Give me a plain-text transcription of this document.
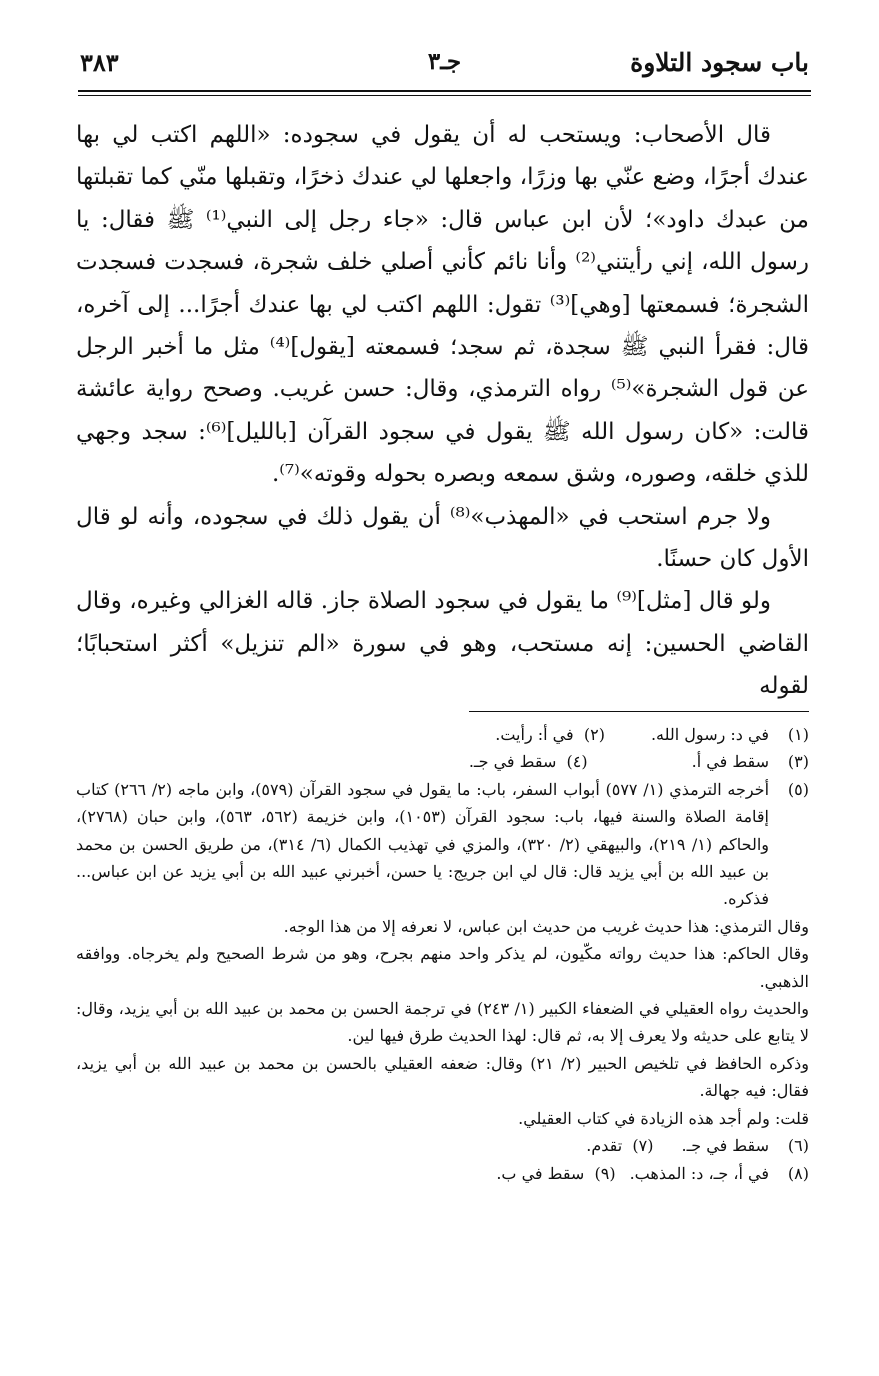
باب سجود التلاوة
جـ٣
٣٨٣

قال الأصحاب: ويستحب له أن يقول في سجوده: «اللهم اكتب لي بها عندك أجرًا، وضع عنّي بها وزرًا، واجعلها لي عندك ذخرًا، وتقبلها منّي كما تقبلتها من عبدك داود»؛ لأن ابن عباس قال: «جاء رجل إلى النبي⁽¹⁾ ﷺ فقال: يا رسول الله، إني رأيتني⁽²⁾ وأنا نائم كأني أصلي خلف شجرة، فسجدت فسجدت الشجرة؛ فسمعتها [وهي]⁽³⁾ تقول: اللهم اكتب لي بها عندك أجرًا... إلى آخره، قال: فقرأ النبي ﷺ سجدة، ثم سجد؛ فسمعته [يقول]⁽⁴⁾ مثل ما أخبر الرجل عن قول الشجرة»⁽⁵⁾ رواه الترمذي، وقال: حسن غريب. وصحح رواية عائشة قالت: «كان رسول الله ﷺ يقول في سجود القرآن [بالليل]⁽⁶⁾: سجد وجهي للذي خلقه، وصوره، وشق سمعه وبصره بحوله وقوته»⁽⁷⁾.

ولا جرم استحب في «المهذب»⁽⁸⁾ أن يقول ذلك في سجوده، وأنه لو قال الأول كان حسنًا.

ولو قال [مثل]⁽⁹⁾ ما يقول في سجود الصلاة جاز. قاله الغزالي وغيره، وقال القاضي الحسين: إنه مستحب، وهو في سورة «الم تنزيل» أكثر استحبابًا؛ لقوله

(١)
في د: رسول الله.(٢)  في أ: رأيت.
(٣)
سقط في أ.(٤)  سقط في جـ.
(٥)
أخرجه الترمذي (١/ ٥٧٧) أبواب السفر، باب: ما يقول في سجود القرآن (٥٧٩)، وابن ماجه (٢/ ٢٦٦) كتاب إقامة الصلاة والسنة فيها، باب: سجود القرآن (١٠٥٣)، وابن خزيمة (٥٦٢، ٥٦٣)، وابن حبان (٢٧٦٨)، والحاكم (١/ ٢١٩)، والبيهقي (٢/ ٣٢٠)، والمزي في تهذيب الكمال (٦/ ٣١٤)، من طريق الحسن بن محمد بن عبيد الله بن أبي يزيد قال: قال لي ابن جريج: يا حسن، أخبرني عبيد الله بن أبي يزيد عن ابن عباس... فذكره.
وقال الترمذي: هذا حديث غريب من حديث ابن عباس، لا نعرفه إلا من هذا الوجه.
وقال الحاكم: هذا حديث رواته مكّيون، لم يذكر واحد منهم بجرح، وهو من شرط الصحيح ولم يخرجاه. ووافقه الذهبي.
والحديث رواه العقيلي في الضعفاء الكبير (١/ ٢٤٣) في ترجمة الحسن بن محمد بن عبيد الله بن أبي يزيد، وقال: لا يتابع على حديثه ولا يعرف إلا به، ثم قال: لهذا الحديث طرق فيها لين.
وذكره الحافظ في تلخيص الحبير (٢/ ٢١) وقال: ضعفه العقيلي بالحسن بن محمد بن عبيد الله بن أبي يزيد، فقال: فيه جهالة.
قلت: ولم أجد هذه الزيادة في كتاب العقيلي.
(٦)
سقط في جـ.(٧)  تقدم.
(٨)
في أ، جـ، د: المذهب.(٩)  سقط في ب.
